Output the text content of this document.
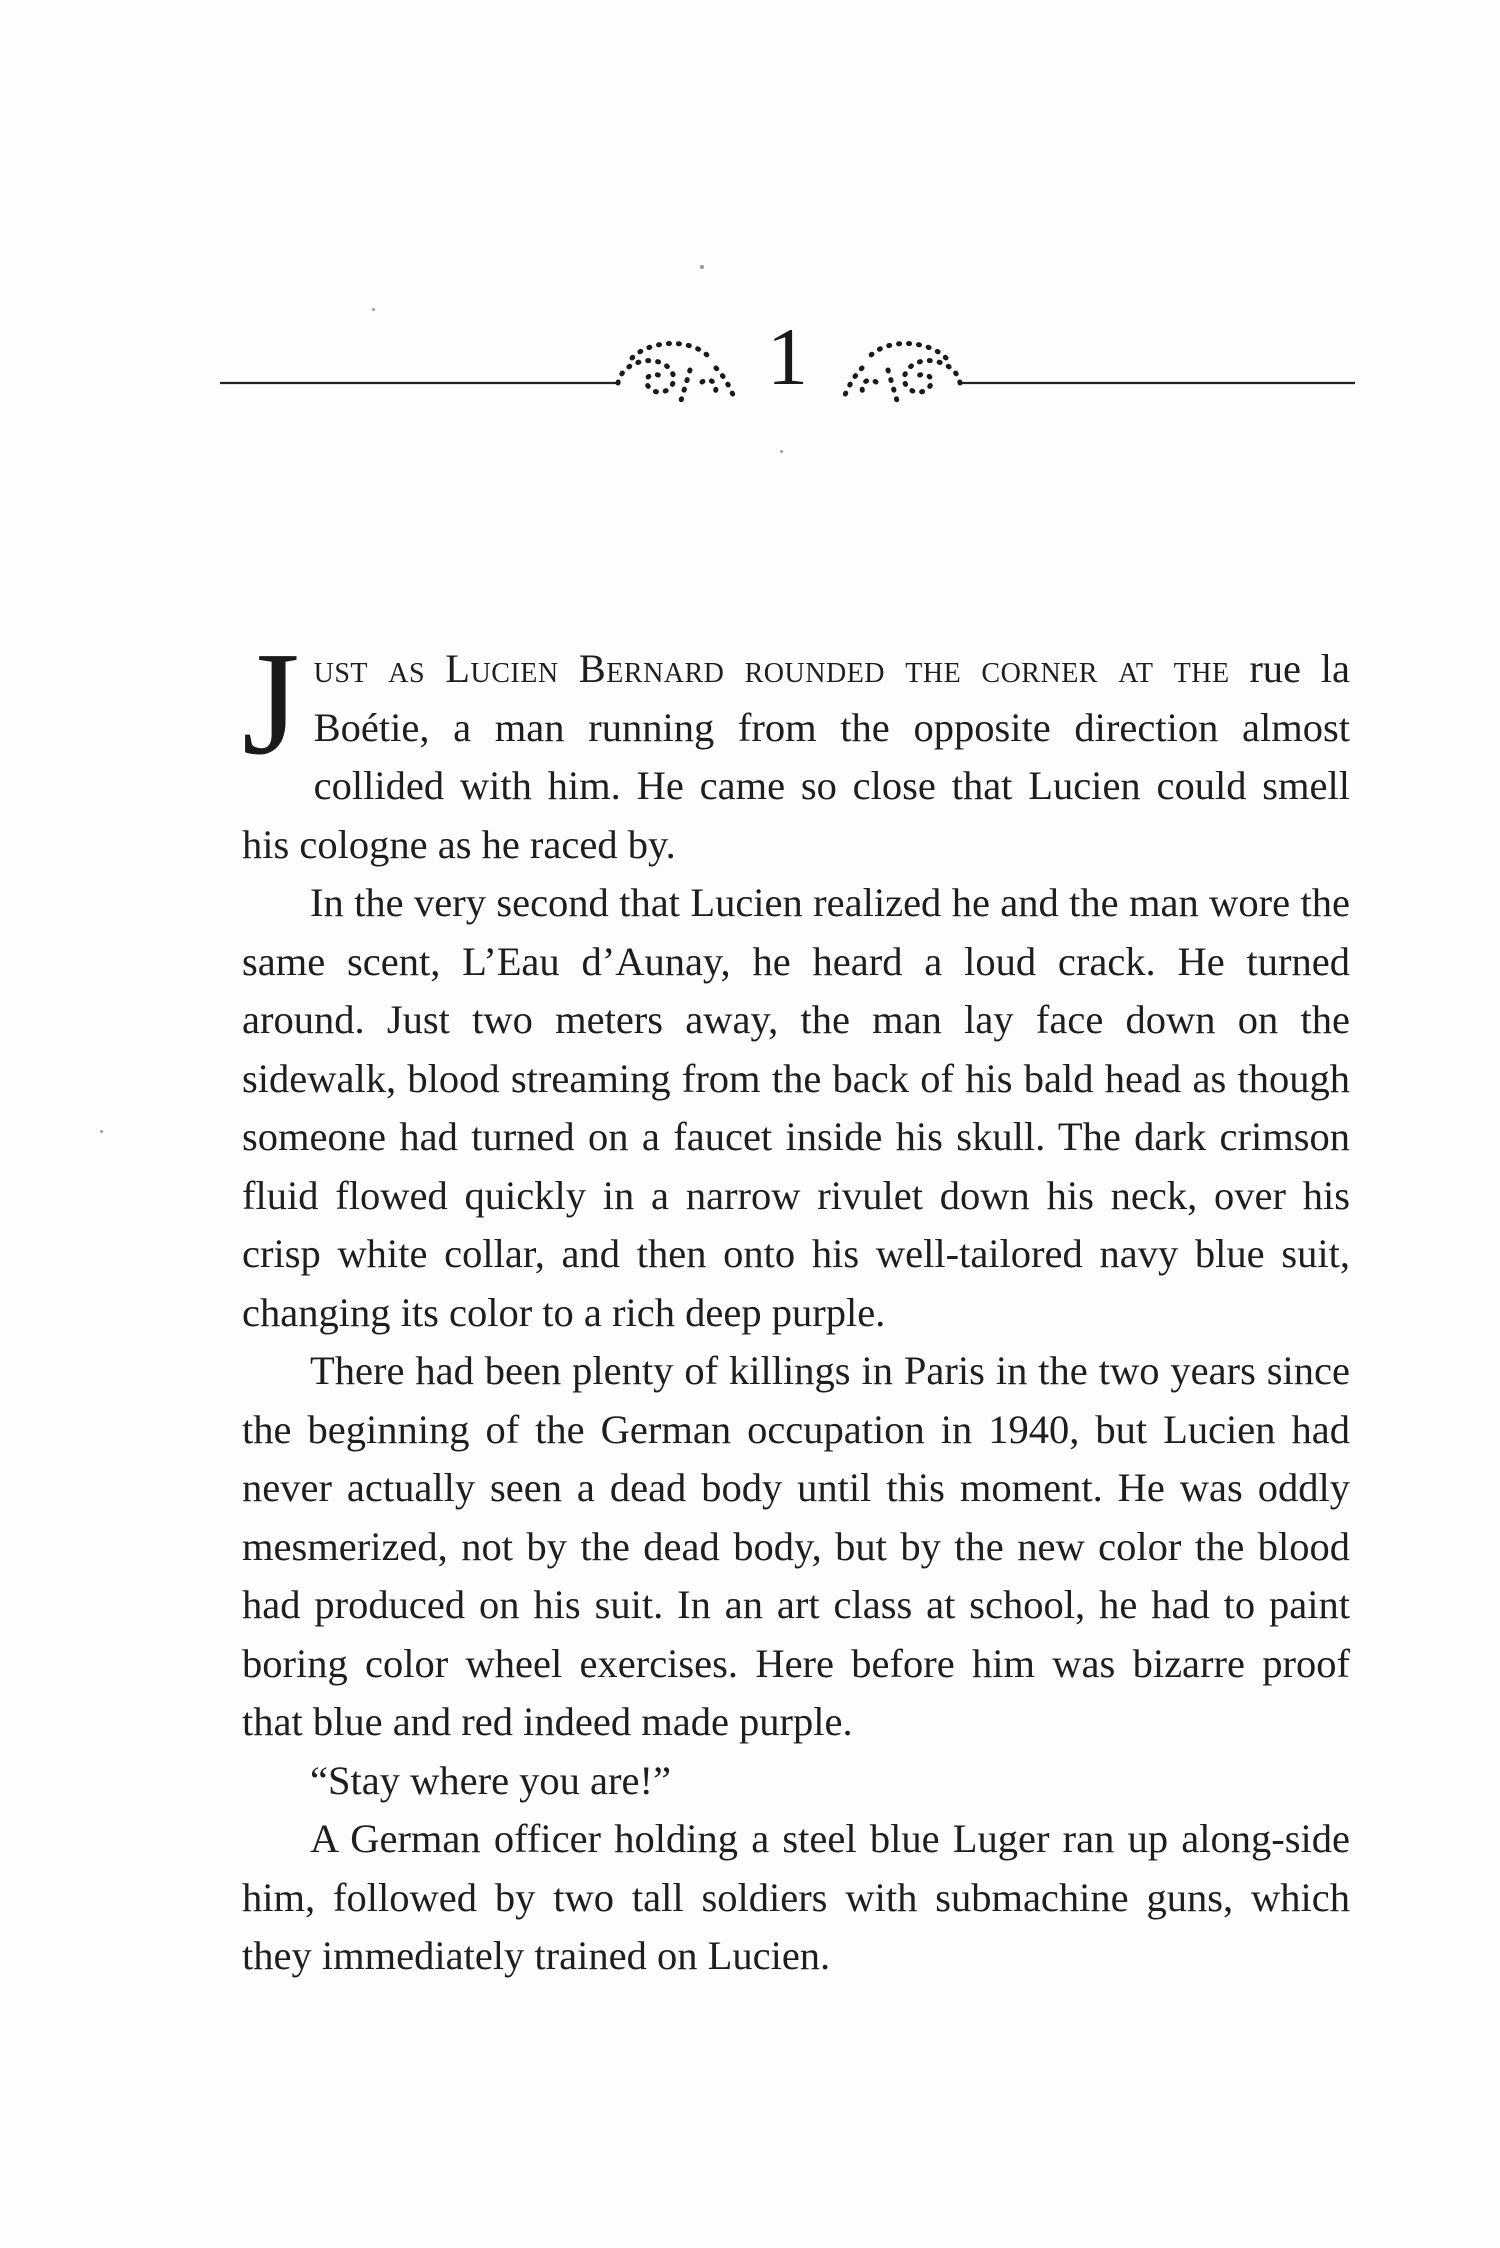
1

Just as Lucien Bernard rounded the corner at the rue la Boétie, a man running from the opposite direction almost collided with him. He came so close that Lucien could smell his cologne as he raced by.

In the very second that Lucien realized he and the man wore the same scent, L’Eau d’Aunay, he heard a loud crack. He turned around. Just two meters away, the man lay face down on the sidewalk, blood streaming from the back of his bald head as though someone had turned on a faucet inside his skull. The dark crimson fluid flowed quickly in a narrow rivulet down his neck, over his crisp white collar, and then onto his well-tailored navy blue suit, changing its color to a rich deep purple.

There had been plenty of killings in Paris in the two years since the beginning of the German occupation in 1940, but Lucien had never actually seen a dead body until this moment. He was oddly mesmerized, not by the dead body, but by the new color the blood had produced on his suit. In an art class at school, he had to paint boring color wheel exercises. Here before him was bizarre proof that blue and red indeed made purple.

“Stay where you are!”

A German officer holding a steel blue Luger ran up along-side him, followed by two tall soldiers with submachine guns, which they immediately trained on Lucien.
